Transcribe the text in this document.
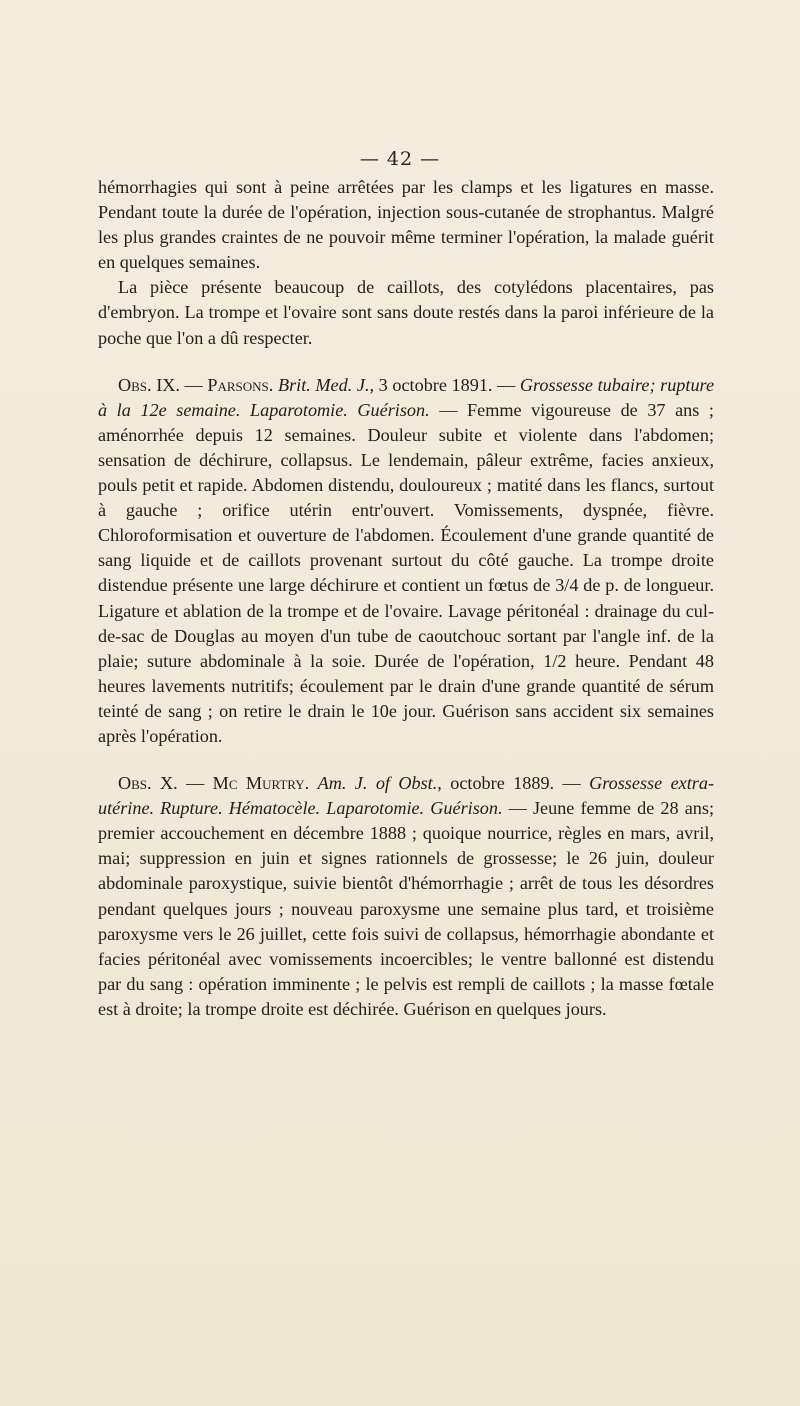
— 42 —

hémorrhagies qui sont à peine arrêtées par les clamps et les ligatures en masse. Pendant toute la durée de l'opération, injection sous-cutanée de strophantus. Malgré les plus grandes craintes de ne pouvoir même terminer l'opération, la malade guérit en quelques semaines.

La pièce présente beaucoup de caillots, des cotylédons placentaires, pas d'embryon. La trompe et l'ovaire sont sans doute restés dans la paroi inférieure de la poche que l'on a dû respecter.

Obs. IX. — Parsons. Brit. Med. J., 3 octobre 1891. — Grossesse tubaire; rupture à la 12e semaine. Laparotomie. Guérison. — Femme vigoureuse de 37 ans ; aménorrhée depuis 12 semaines. Douleur subite et violente dans l'abdomen; sensation de déchirure, collapsus. Le lendemain, pâleur extrême, facies anxieux, pouls petit et rapide. Abdomen distendu, douloureux ; matité dans les flancs, surtout à gauche ; orifice utérin entr'ouvert. Vomissements, dyspnée, fièvre. Chloroformisation et ouverture de l'abdomen. Écoulement d'une grande quantité de sang liquide et de caillots provenant surtout du côté gauche. La trompe droite distendue présente une large déchirure et contient un fœtus de 3/4 de p. de longueur. Ligature et ablation de la trompe et de l'ovaire. Lavage péritonéal : drainage du cul-de-sac de Douglas au moyen d'un tube de caoutchouc sortant par l'angle inf. de la plaie; suture abdominale à la soie. Durée de l'opération, 1/2 heure. Pendant 48 heures lavements nutritifs; écoulement par le drain d'une grande quantité de sérum teinté de sang ; on retire le drain le 10e jour. Guérison sans accident six semaines après l'opération.

Obs. X. — Mc Murtry. Am. J. of Obst., octobre 1889. — Grossesse extra-utérine. Rupture. Hématocèle. Laparotomie. Guérison. — Jeune femme de 28 ans; premier accouchement en décembre 1888 ; quoique nourrice, règles en mars, avril, mai; suppression en juin et signes rationnels de grossesse; le 26 juin, douleur abdominale paroxystique, suivie bientôt d'hémorrhagie ; arrêt de tous les désordres pendant quelques jours ; nouveau paroxysme une semaine plus tard, et troisième paroxysme vers le 26 juillet, cette fois suivi de collapsus, hémorrhagie abondante et facies péritonéal avec vomissements incoercibles; le ventre ballonné est distendu par du sang : opération imminente ; le pelvis est rempli de caillots ; la masse fœtale est à droite; la trompe droite est déchirée. Guérison en quelques jours.
